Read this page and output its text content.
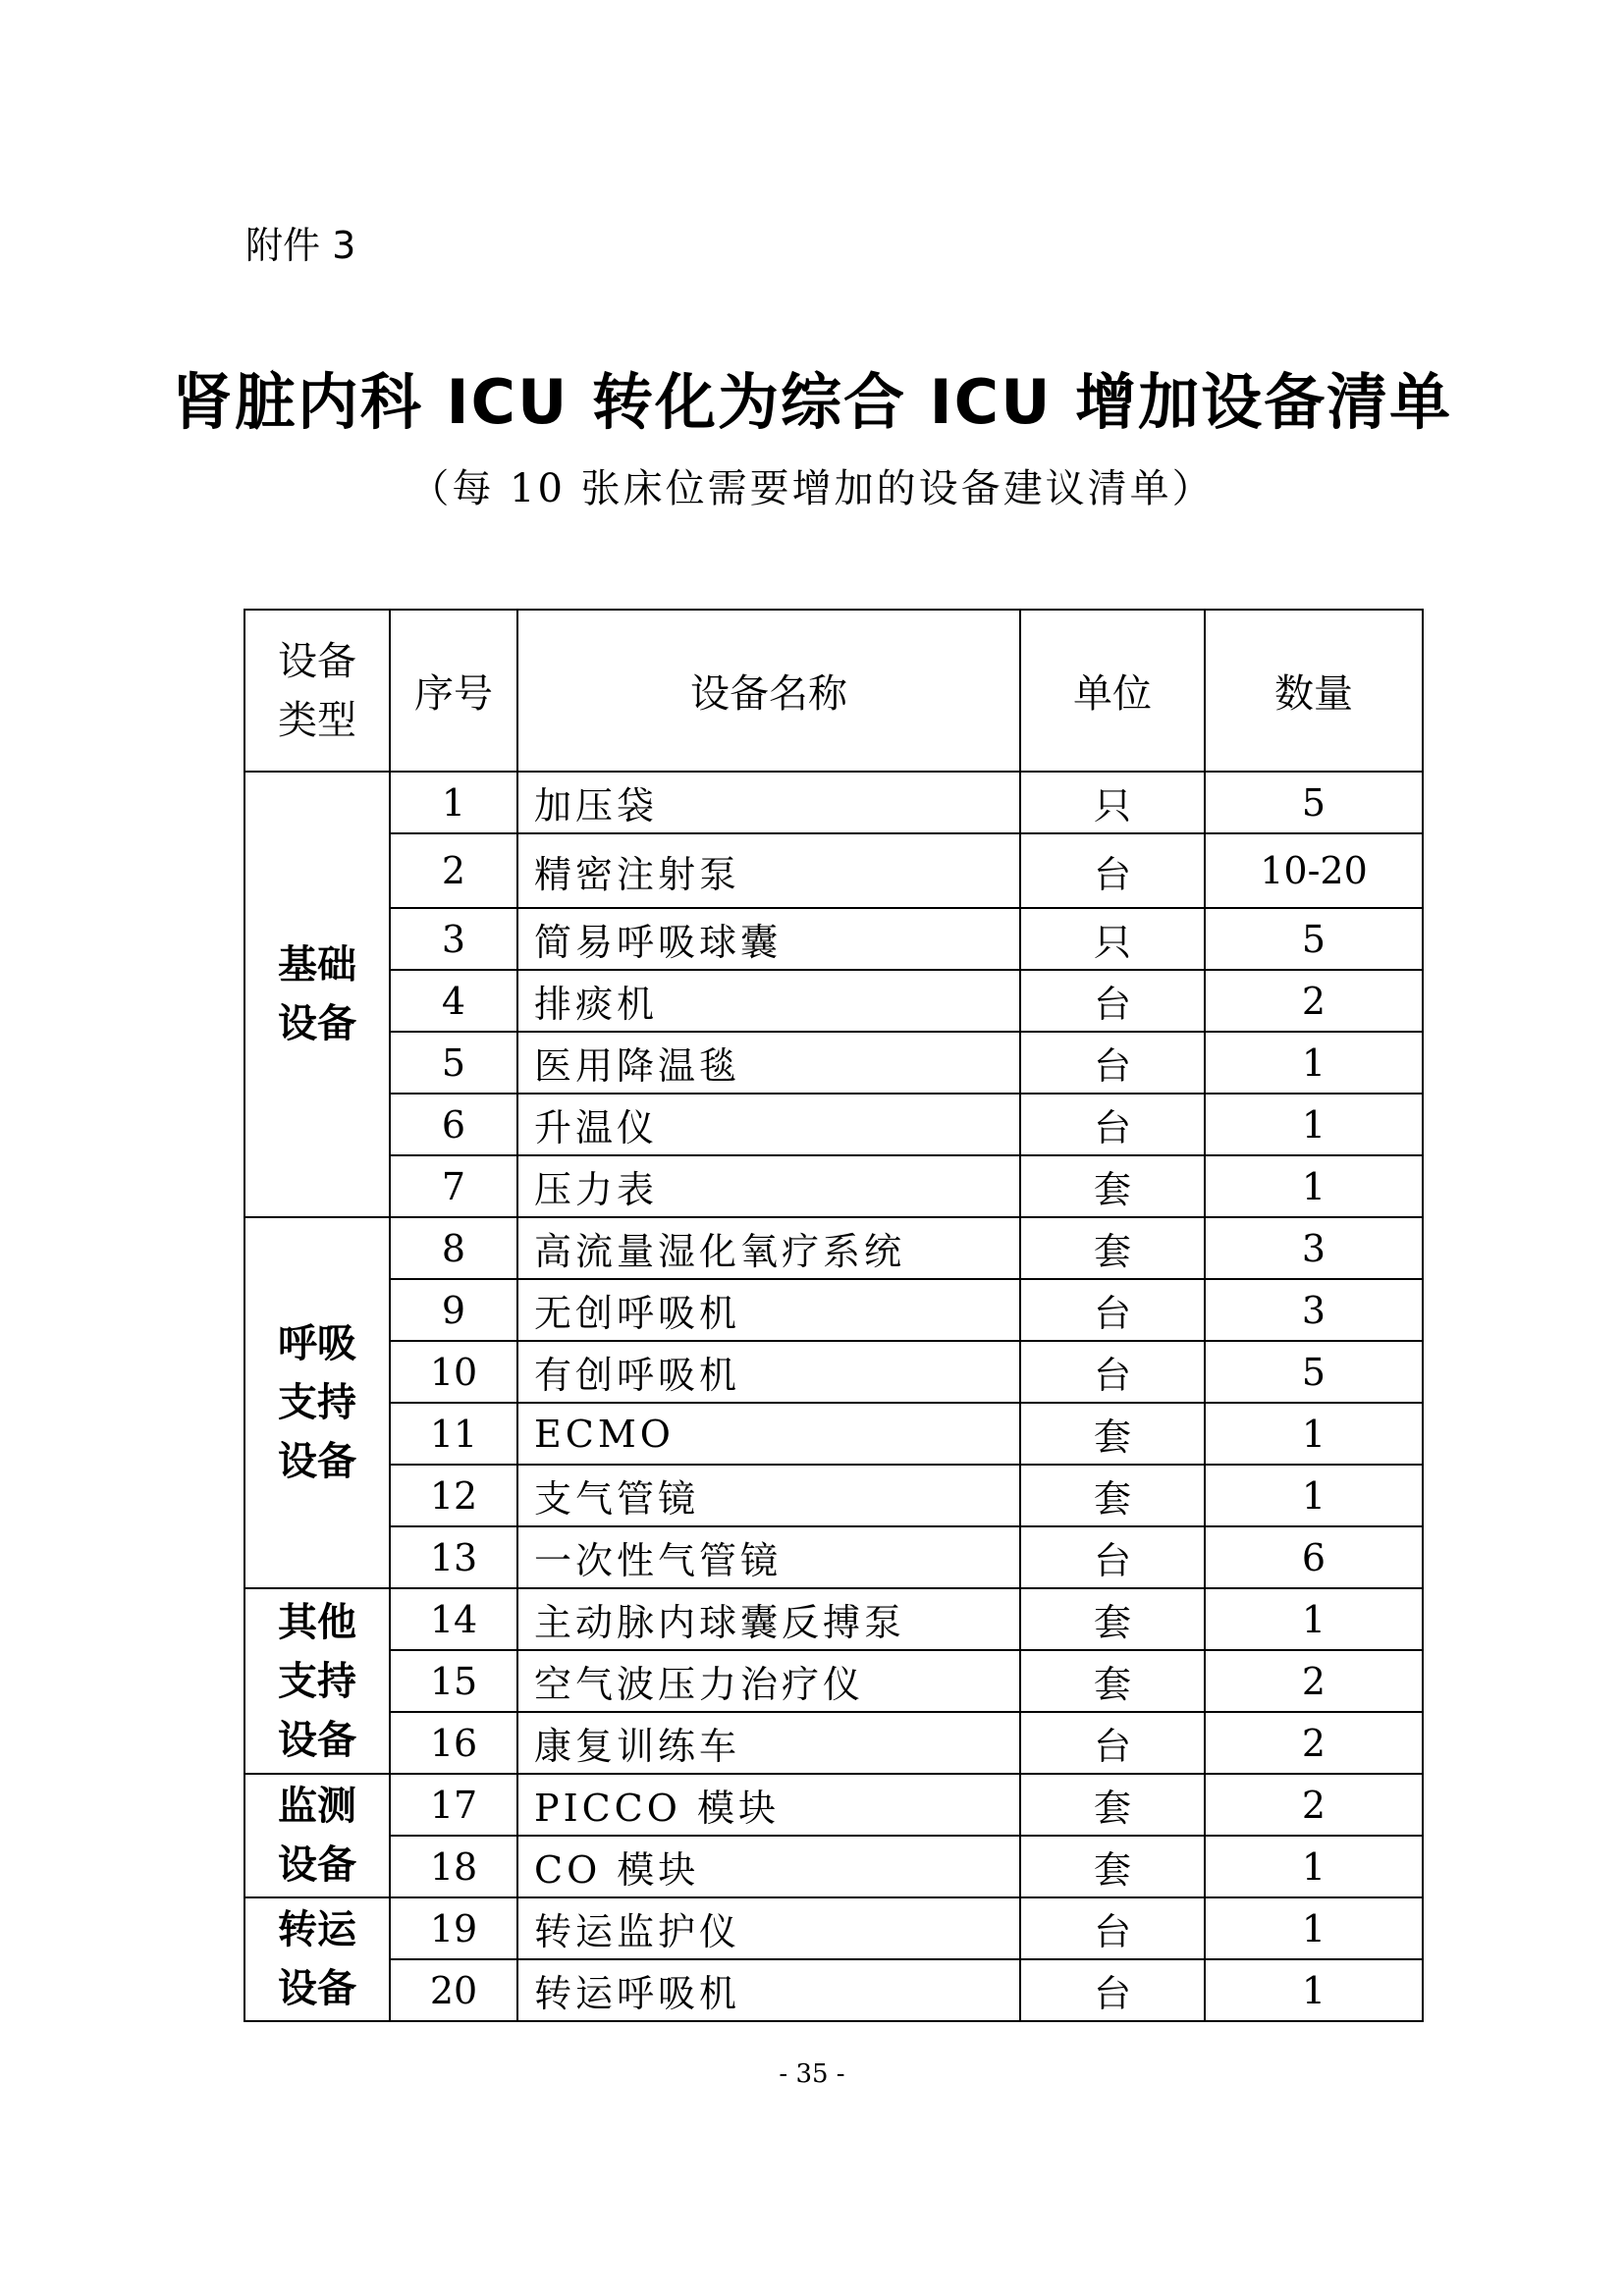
附件 3
肾脏内科 ICU 转化为综合 ICU 增加设备清单
（每 10 张床位需要增加的设备建议清单）
设备
类型	序号	设备名称	单位	数量

基础
设备	1	加压袋	只	5
	2	精密注射泵	台	10-20
	3	简易呼吸球囊	只	5
	4	排痰机	台	2
	5	医用降温毯	台	1
	6	升温仪	台	1
	7	压力表	套	1

呼吸
支持
设备	8	高流量湿化氧疗系统	套	3
	9	无创呼吸机	台	3
	10	有创呼吸机	台	5
	11	ECMO	套	1
	12	支气管镜	套	1
	13	一次性气管镜	台	6

其他
支持
设备	14	主动脉内球囊反搏泵	套	1
	15	空气波压力治疗仪	套	2
	16	康复训练车	台	2

监测
设备	17	PICCO 模块	套	2
	18	CO 模块	套	1

转运
设备	19	转运监护仪	台	1
	20	转运呼吸机	台	1
- 35 -
